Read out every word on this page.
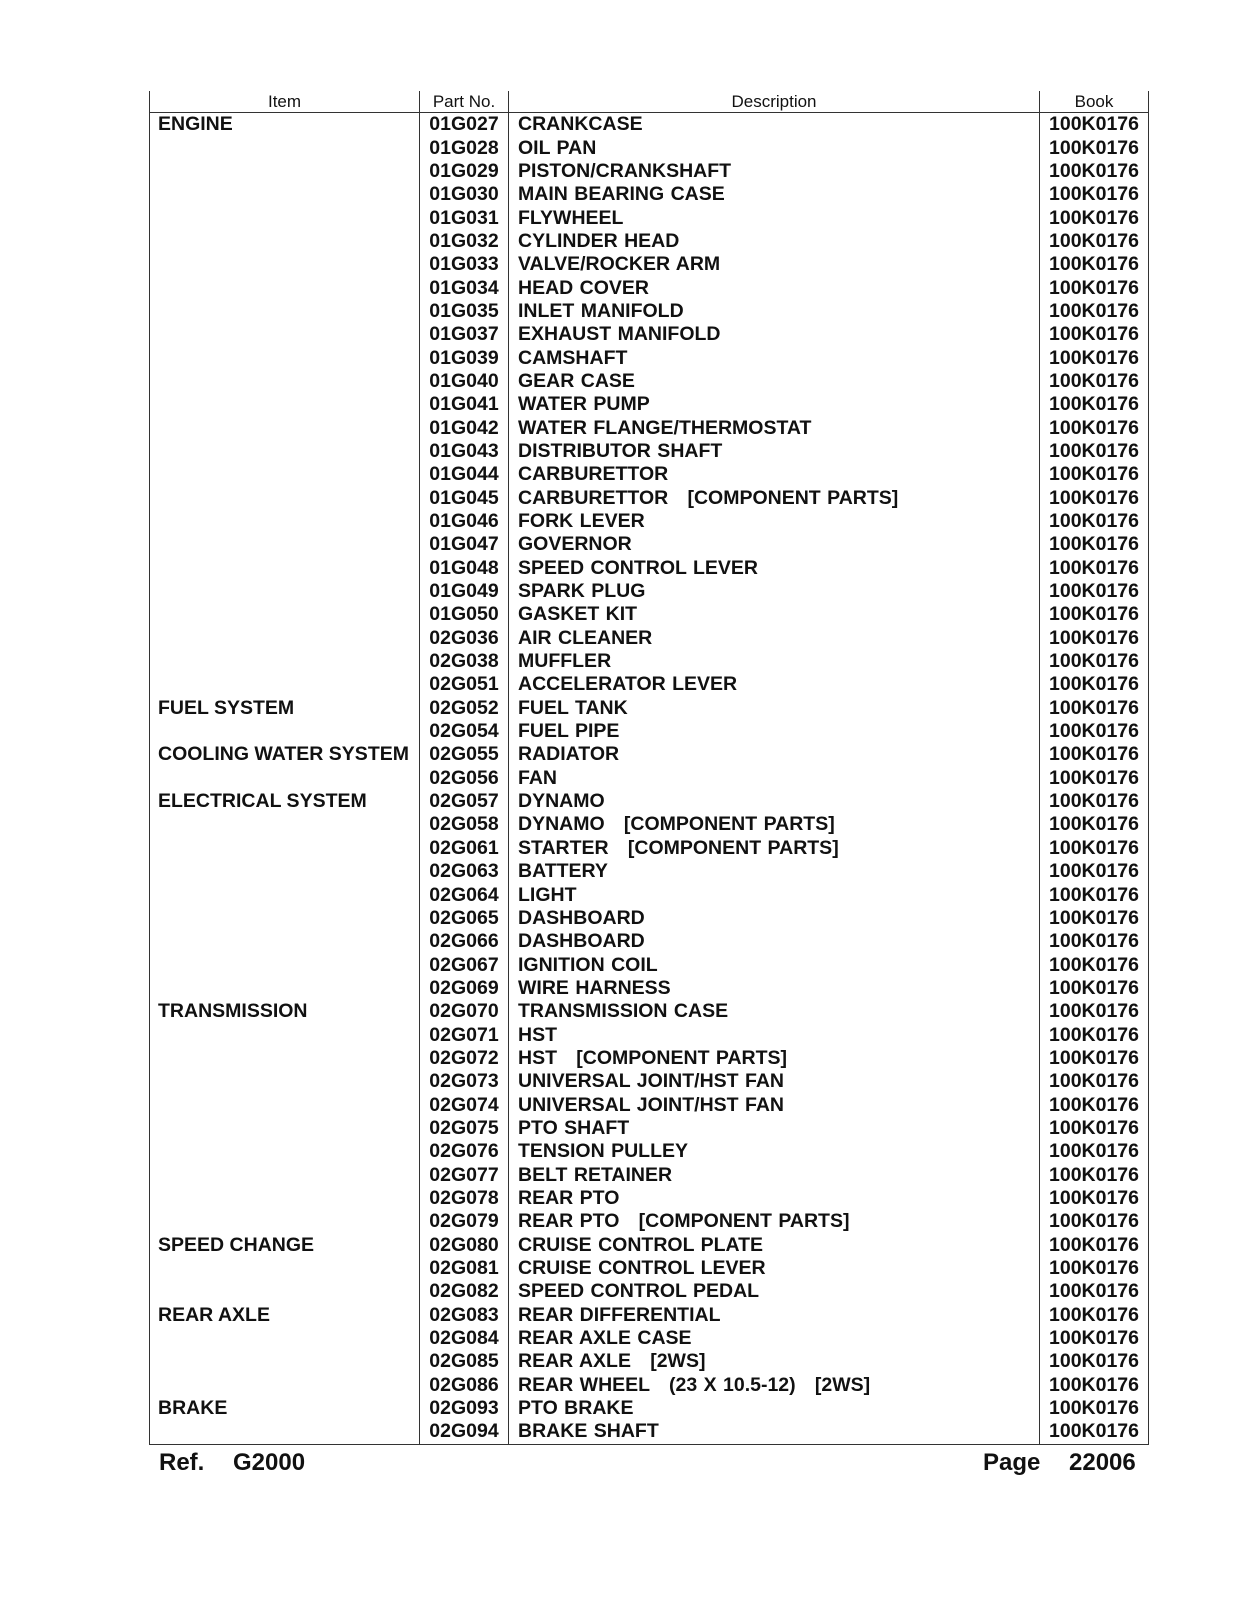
Item	Part No.	Description	Book
ENGINE	01G027	CRANKCASE	100K0176
	01G028	OIL PAN	100K0176
	01G029	PISTON/CRANKSHAFT	100K0176
	01G030	MAIN BEARING CASE	100K0176
	01G031	FLYWHEEL	100K0176
	01G032	CYLINDER HEAD	100K0176
	01G033	VALVE/ROCKER ARM	100K0176
	01G034	HEAD COVER	100K0176
	01G035	INLET MANIFOLD	100K0176
	01G037	EXHAUST MANIFOLD	100K0176
	01G039	CAMSHAFT	100K0176
	01G040	GEAR CASE	100K0176
	01G041	WATER PUMP	100K0176
	01G042	WATER FLANGE/THERMOSTAT	100K0176
	01G043	DISTRIBUTOR SHAFT	100K0176
	01G044	CARBURETTOR	100K0176
	01G045	CARBURETTOR   [COMPONENT PARTS]	100K0176
	01G046	FORK LEVER	100K0176
	01G047	GOVERNOR	100K0176
	01G048	SPEED CONTROL LEVER	100K0176
	01G049	SPARK PLUG	100K0176
	01G050	GASKET KIT	100K0176
	02G036	AIR CLEANER	100K0176
	02G038	MUFFLER	100K0176
	02G051	ACCELERATOR LEVER	100K0176
FUEL SYSTEM	02G052	FUEL TANK	100K0176
	02G054	FUEL PIPE	100K0176
COOLING WATER SYSTEM	02G055	RADIATOR	100K0176
	02G056	FAN	100K0176
ELECTRICAL SYSTEM	02G057	DYNAMO	100K0176
	02G058	DYNAMO   [COMPONENT PARTS]	100K0176
	02G061	STARTER   [COMPONENT PARTS]	100K0176
	02G063	BATTERY	100K0176
	02G064	LIGHT	100K0176
	02G065	DASHBOARD	100K0176
	02G066	DASHBOARD	100K0176
	02G067	IGNITION COIL	100K0176
	02G069	WIRE HARNESS	100K0176
TRANSMISSION	02G070	TRANSMISSION CASE	100K0176
	02G071	HST	100K0176
	02G072	HST   [COMPONENT PARTS]	100K0176
	02G073	UNIVERSAL JOINT/HST FAN	100K0176
	02G074	UNIVERSAL JOINT/HST FAN	100K0176
	02G075	PTO SHAFT	100K0176
	02G076	TENSION PULLEY	100K0176
	02G077	BELT RETAINER	100K0176
	02G078	REAR PTO	100K0176
	02G079	REAR PTO   [COMPONENT PARTS]	100K0176
SPEED CHANGE	02G080	CRUISE CONTROL PLATE	100K0176
	02G081	CRUISE CONTROL LEVER	100K0176
	02G082	SPEED CONTROL PEDAL	100K0176
REAR AXLE	02G083	REAR DIFFERENTIAL	100K0176
	02G084	REAR AXLE CASE	100K0176
	02G085	REAR AXLE   [2WS]	100K0176
	02G086	REAR WHEEL   (23 X 10.5-12)   [2WS]	100K0176
BRAKE	02G093	PTO BRAKE	100K0176
	02G094	BRAKE SHAFT	100K0176
Ref. G2000	Page 22006
